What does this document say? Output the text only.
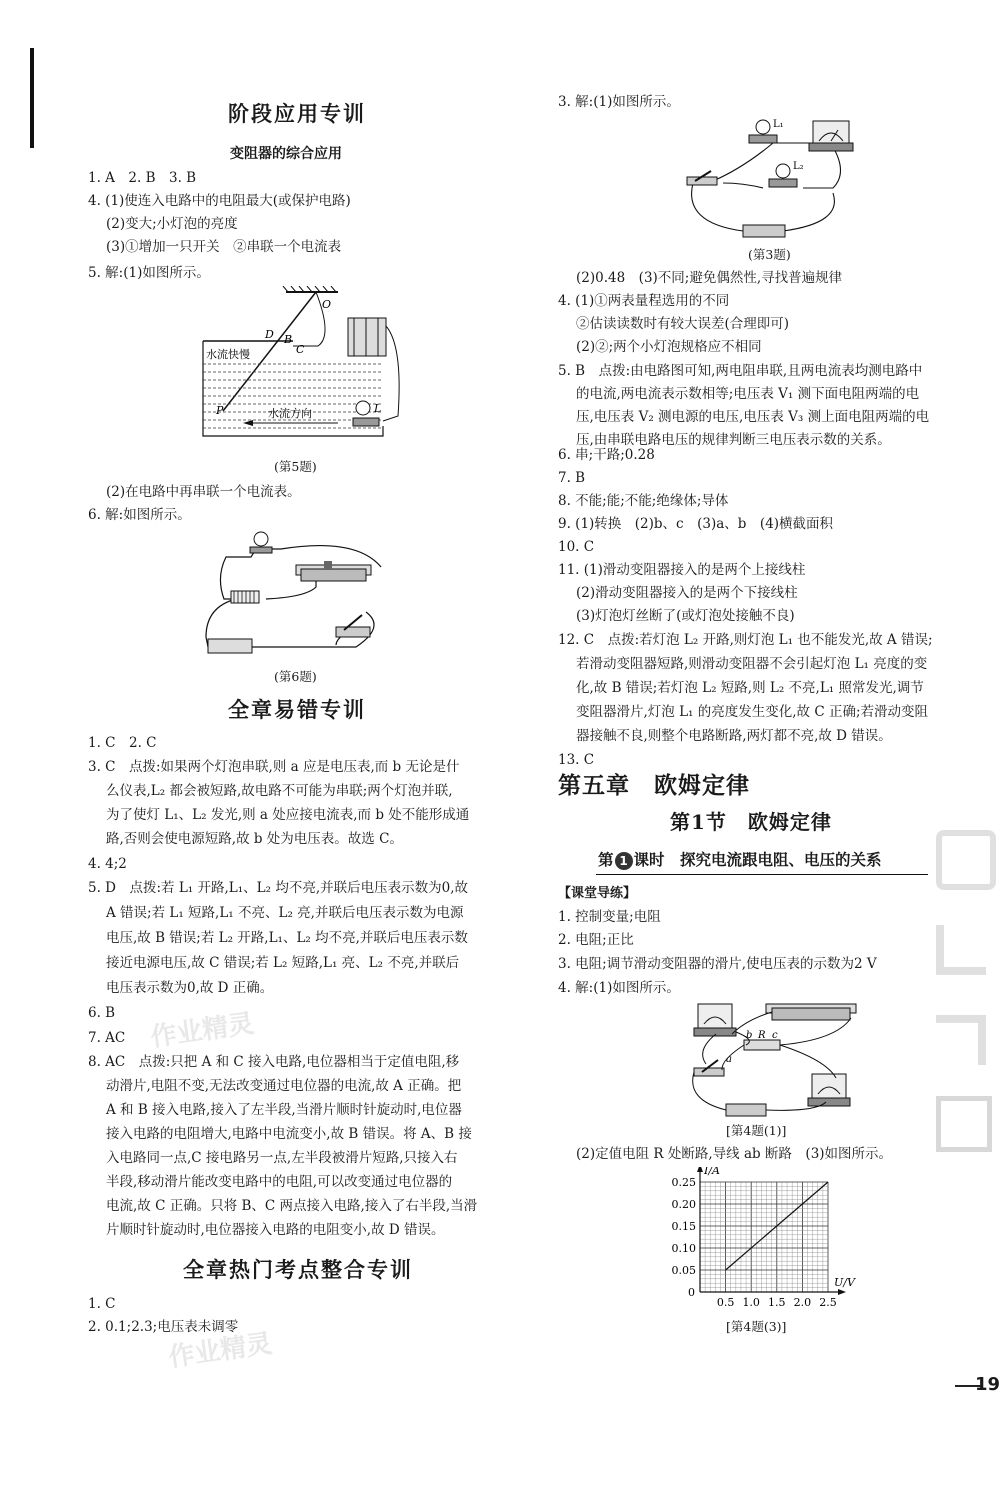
阶段应用专训
变阻器的综合应用
1. A　2. B　3. B
4. (1)使连入电路中的电阻最大(或保护电路)
(2)变大;小灯泡的亮度
(3)①增加一只开关　②串联一个电流表
5. 解:(1)如图所示。
B
D
O
C
水流快慢
P	水流方向	L
(第5题)
(2)在电路中再串联一个电流表。
6. 解:如图所示。
(第6题)
全章易错专训
1. C　2. C
3. C　点拨:如果两个灯泡串联,则 a 应是电压表,而 b 无论是什
么仪表,L₂ 都会被短路,故电路不可能为串联;两个灯泡并联,
为了使灯 L₁、L₂ 发光,则 a 处应接电流表,而 b 处不能形成通
路,否则会使电源短路,故 b 处为电压表。故选 C。
4. 4;2
5. D　点拨:若 L₁ 开路,L₁、L₂ 均不亮,并联后电压表示数为0,故
A 错误;若 L₁ 短路,L₁ 不亮、L₂ 亮,并联后电压表示数为电源
电压,故 B 错误;若 L₂ 开路,L₁、L₂ 均不亮,并联后电压表示数
接近电源电压,故 C 错误;若 L₂ 短路,L₁ 亮、L₂ 不亮,并联后
电压表示数为0,故 D 正确。
6. B
7. AC
8. AC　点拨:只把 A 和 C 接入电路,电位器相当于定值电阻,移
动滑片,电阻不变,无法改变通过电位器的电流,故 A 正确。把
A 和 B 接入电路,接入了左半段,当滑片顺时针旋动时,电位器
接入电路的电阻增大,电路中电流变小,故 B 错误。将 A、B 接
入电路同一点,C 接电路另一点,左半段被滑片短路,只接入右
半段,移动滑片能改变电路中的电阻,可以改变通过电位器的
电流,故 C 正确。只将 B、C 两点接入电路,接入了右半段,当滑
片顺时针旋动时,电位器接入电路的电阻变小,故 D 错误。
全章热门考点整合专训
1. C
2. 0.1;2.3;电压表未调零
作业精灵
作业精灵
3. 解:(1)如图所示。
L₁
L₂
(第3题)
(2)0.48　(3)不同;避免偶然性,寻找普遍规律
4. (1)①两表量程选用的不同
②估读读数时有较大误差(合理即可)
(2)②;两个小灯泡规格应不相同
5. B　点拨:由电路图可知,两电阻串联,且两电流表均测电路中
的电流,两电流表示数相等;电压表 V₁ 测下面电阻两端的电
压,电压表 V₂ 测电源的电压,电压表 V₃ 测上面电阻两端的电
压,由串联电路电压的规律判断三电压表示数的关系。
6. 串;干路;0.28
7. B
8. 不能;能;不能;绝缘体;导体
9. (1)转换　(2)b、c　(3)a、b　(4)横截面积
10. C
11. (1)滑动变阻器接入的是两个上接线柱
(2)滑动变阻器接入的是两个下接线柱
(3)灯泡灯丝断了(或灯泡处接触不良)
12. C　点拨:若灯泡 L₂ 开路,则灯泡 L₁ 也不能发光,故 A 错误;
若滑动变阻器短路,则滑动变阻器不会引起灯泡 L₁ 亮度的变
化,故 B 错误;若灯泡 L₂ 短路,则 L₂ 不亮,L₁ 照常发光,调节
变阻器滑片,灯泡 L₁ 的亮度发生变化,故 C 正确;若滑动变阻
器接触不良,则整个电路断路,两灯都不亮,故 D 错误。
13. C
第五章　欧姆定律
第1节　欧姆定律
第 1 课时　探究电流跟电阻、电压的关系
【课堂导练】
1. 控制变量;电阻
2. 电阻;正比
3. 电阻;调节滑动变阻器的滑片,使电压表的示数为2 V
4. 解:(1)如图所示。
b R c
a
[第4题(1)]
(2)定值电阻 R 处断路,导线 ab 断路　(3)如图所示。
U/V
I/A
0
0.5 1.0 1.5 2.0 2.5
0.05
0.10
0.15
0.20
0.25
[第4题(3)]
19
